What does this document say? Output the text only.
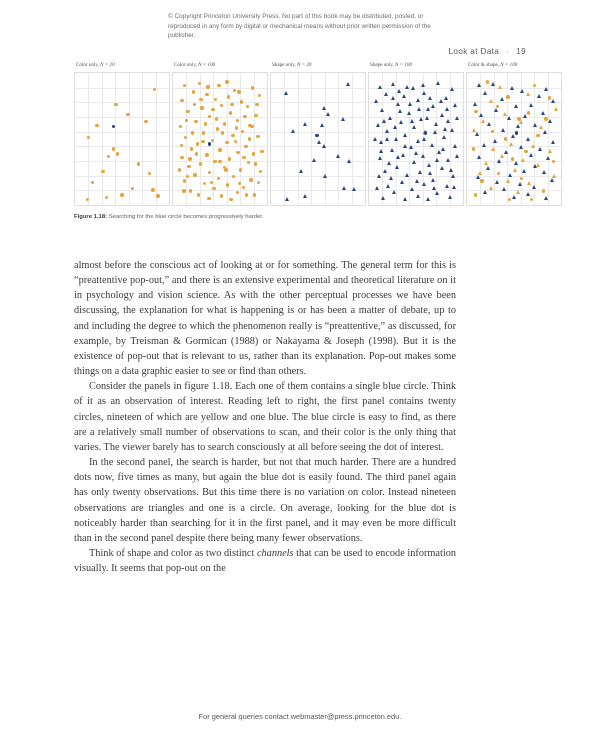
© Copyright Princeton University Press. No part of this book may be distributed, posted, or reproduced in any form by digital or mechanical means without prior written permission of the publisher.
Look at Data · 19
Color only, N = 20	Color only, N = 100	Shape only, N = 20	Shape only, N = 100	Color & shape, N = 100
Figure 1.18: Searching for the blue circle becomes progressively harder.

almost before the conscious act of looking at or for something. The general term for this is “preattentive pop-out,” and there is an extensive experimental and theoretical literature on it in psychology and vision science. As with the other perceptual processes we have been discussing, the explanation for what is happening is or has been a matter of debate, up to and including the degree to which the phenomenon really is “preattentive,” as discussed, for example, by Treisman & Gormican (1988) or Nakayama & Joseph (1998). But it is the existence of pop-out that is relevant to us, rather than its explanation. Pop-out makes some things on a data graphic easier to see or find than others.

Consider the panels in figure 1.18. Each one of them contains a single blue circle. Think of it as an observation of interest. Reading left to right, the first panel contains twenty circles, nineteen of which are yellow and one blue. The blue circle is easy to find, as there are a relatively small number of observations to scan, and their color is the only thing that varies. The viewer barely has to search consciously at all before seeing the dot of interest.

In the second panel, the search is harder, but not that much harder. There are a hundred dots now, five times as many, but again the blue dot is easily found. The third panel again has only twenty observations. But this time there is no variation on color. Instead nineteen observations are triangles and one is a circle. On average, looking for the blue dot is noticeably harder than searching for it in the first panel, and it may even be more difficult than in the second panel despite there being many fewer observations.

Think of shape and color as two distinct channels that can be used to encode information visually. It seems that pop-out on the

For general queries contact webmaster@press.princeton.edu.
